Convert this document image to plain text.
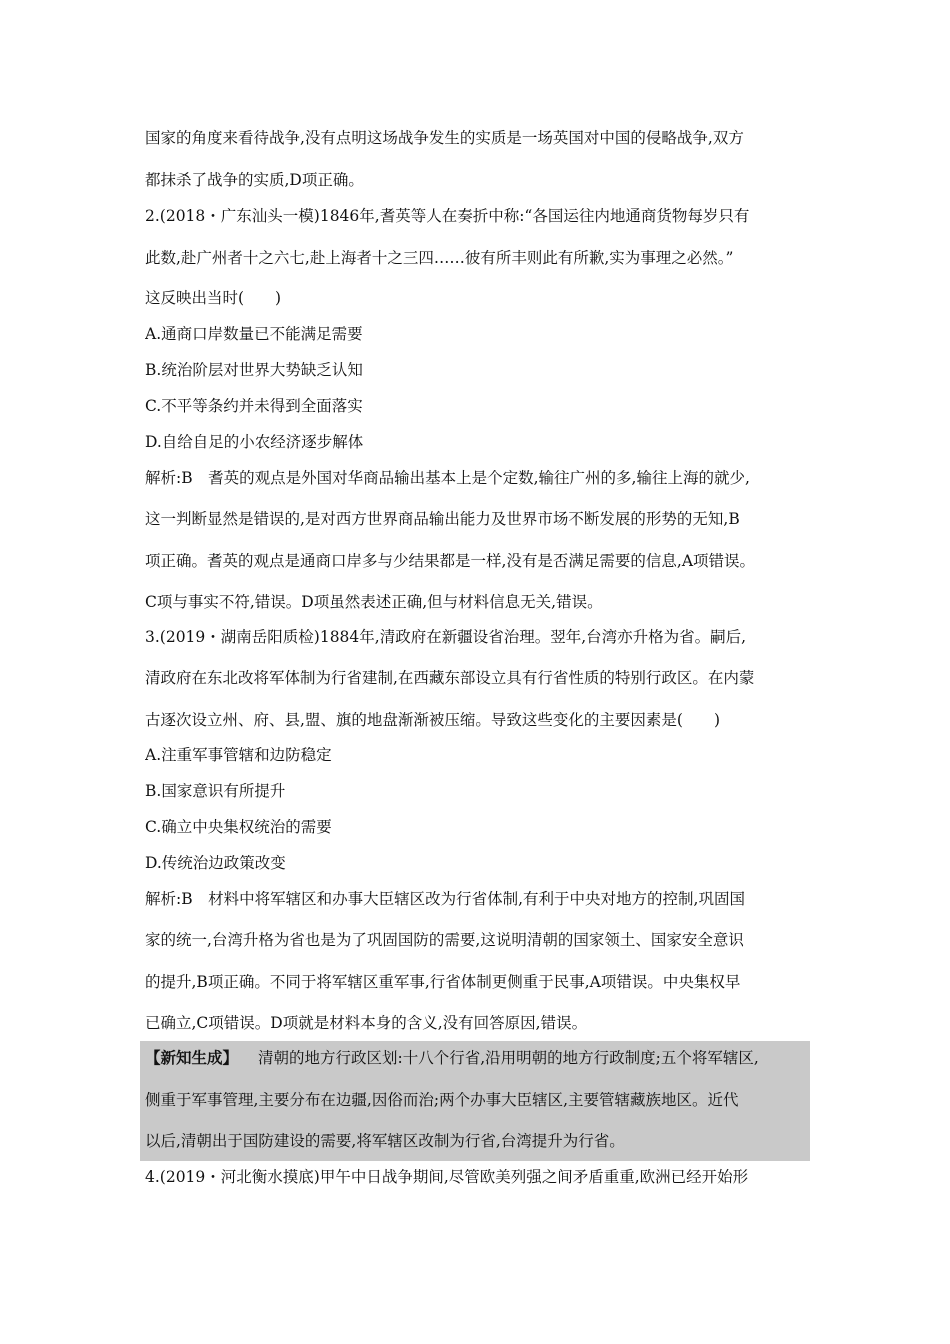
国家的角度来看待战争,没有点明这场战争发生的实质是一场英国对中国的侵略战争,双方
都抹杀了战争的实质,D项正确。
2.(2018・广东汕头一模)1846年,耆英等人在奏折中称:“各国运往内地通商货物每岁只有
此数,赴广州者十之六七,赴上海者十之三四……彼有所丰则此有所歉,实为事理之必然。”
这反映出当时(　　)
A.通商口岸数量已不能满足需要
B.统治阶层对世界大势缺乏认知
C.不平等条约并未得到全面落实
D.自给自足的小农经济逐步解体
解析:B　耆英的观点是外国对华商品输出基本上是个定数,输往广州的多,输往上海的就少,
这一判断显然是错误的,是对西方世界商品输出能力及世界市场不断发展的形势的无知,B
项正确。耆英的观点是通商口岸多与少结果都是一样,没有是否满足需要的信息,A项错误。
C项与事实不符,错误。D项虽然表述正确,但与材料信息无关,错误。
3.(2019・湖南岳阳质检)1884年,清政府在新疆设省治理。翌年,台湾亦升格为省。嗣后,
清政府在东北改将军体制为行省建制,在西藏东部设立具有行省性质的特别行政区。在内蒙
古逐次设立州、府、县,盟、旗的地盘渐渐被压缩。导致这些变化的主要因素是(　　)
A.注重军事管辖和边防稳定
B.国家意识有所提升
C.确立中央集权统治的需要
D.传统治边政策改变
解析:B　材料中将军辖区和办事大臣辖区改为行省体制,有利于中央对地方的控制,巩固国
家的统一,台湾升格为省也是为了巩固国防的需要,这说明清朝的国家领土、国家安全意识
的提升,B项正确。不同于将军辖区重军事,行省体制更侧重于民事,A项错误。中央集权早
已确立,C项错误。D项就是材料本身的含义,没有回答原因,错误。
【新知生成】 清朝的地方行政区划:十八个行省,沿用明朝的地方行政制度;五个将军辖区,
侧重于军事管理,主要分布在边疆,因俗而治;两个办事大臣辖区,主要管辖藏族地区。近代
以后,清朝出于国防建设的需要,将军辖区改制为行省,台湾提升为行省。
4.(2019・河北衡水摸底)甲午中日战争期间,尽管欧美列强之间矛盾重重,欧洲已经开始形
